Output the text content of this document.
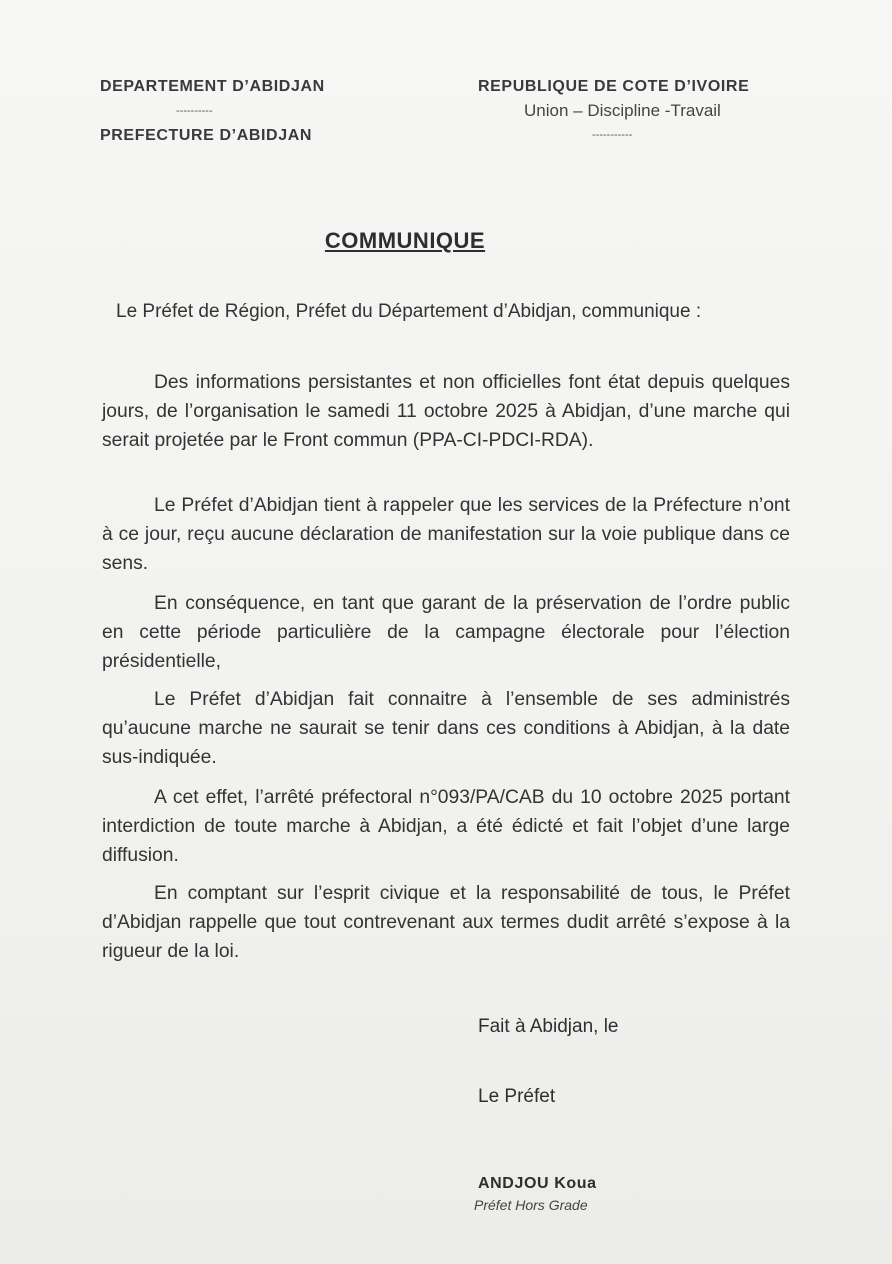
DEPARTEMENT D’ABIDJAN
----------
PREFECTURE D’ABIDJAN
REPUBLIQUE DE COTE D’IVOIRE
Union – Discipline -Travail
-----------
COMMUNIQUE
Le Préfet de Région, Préfet du Département d’Abidjan, communique :
Des informations persistantes et non officielles font état depuis quelques jours, de l’organisation le samedi 11 octobre 2025 à Abidjan, d’une marche qui serait projetée par le Front commun (PPA-CI-PDCI-RDA).
Le Préfet d’Abidjan tient à rappeler que les services de la Préfecture n’ont à ce jour, reçu aucune déclaration de manifestation sur la voie publique dans ce sens.
En conséquence, en tant que garant de la préservation de l’ordre public en cette période particulière de la campagne électorale pour l’élection présidentielle,
Le Préfet d’Abidjan fait connaitre à l’ensemble de ses administrés qu’aucune marche ne saurait se tenir dans ces conditions à Abidjan, à la date sus-indiquée.
A cet effet, l’arrêté préfectoral n°093/PA/CAB du 10 octobre 2025 portant interdiction de toute marche à Abidjan, a été édicté et fait l’objet d’une large diffusion.
En comptant sur l’esprit civique et la responsabilité de tous, le Préfet d’Abidjan rappelle que tout contrevenant aux termes dudit arrêté s’expose à la rigueur de la loi.
Fait à Abidjan, le
Le Préfet
ANDJOU Koua
Préfet Hors Grade
